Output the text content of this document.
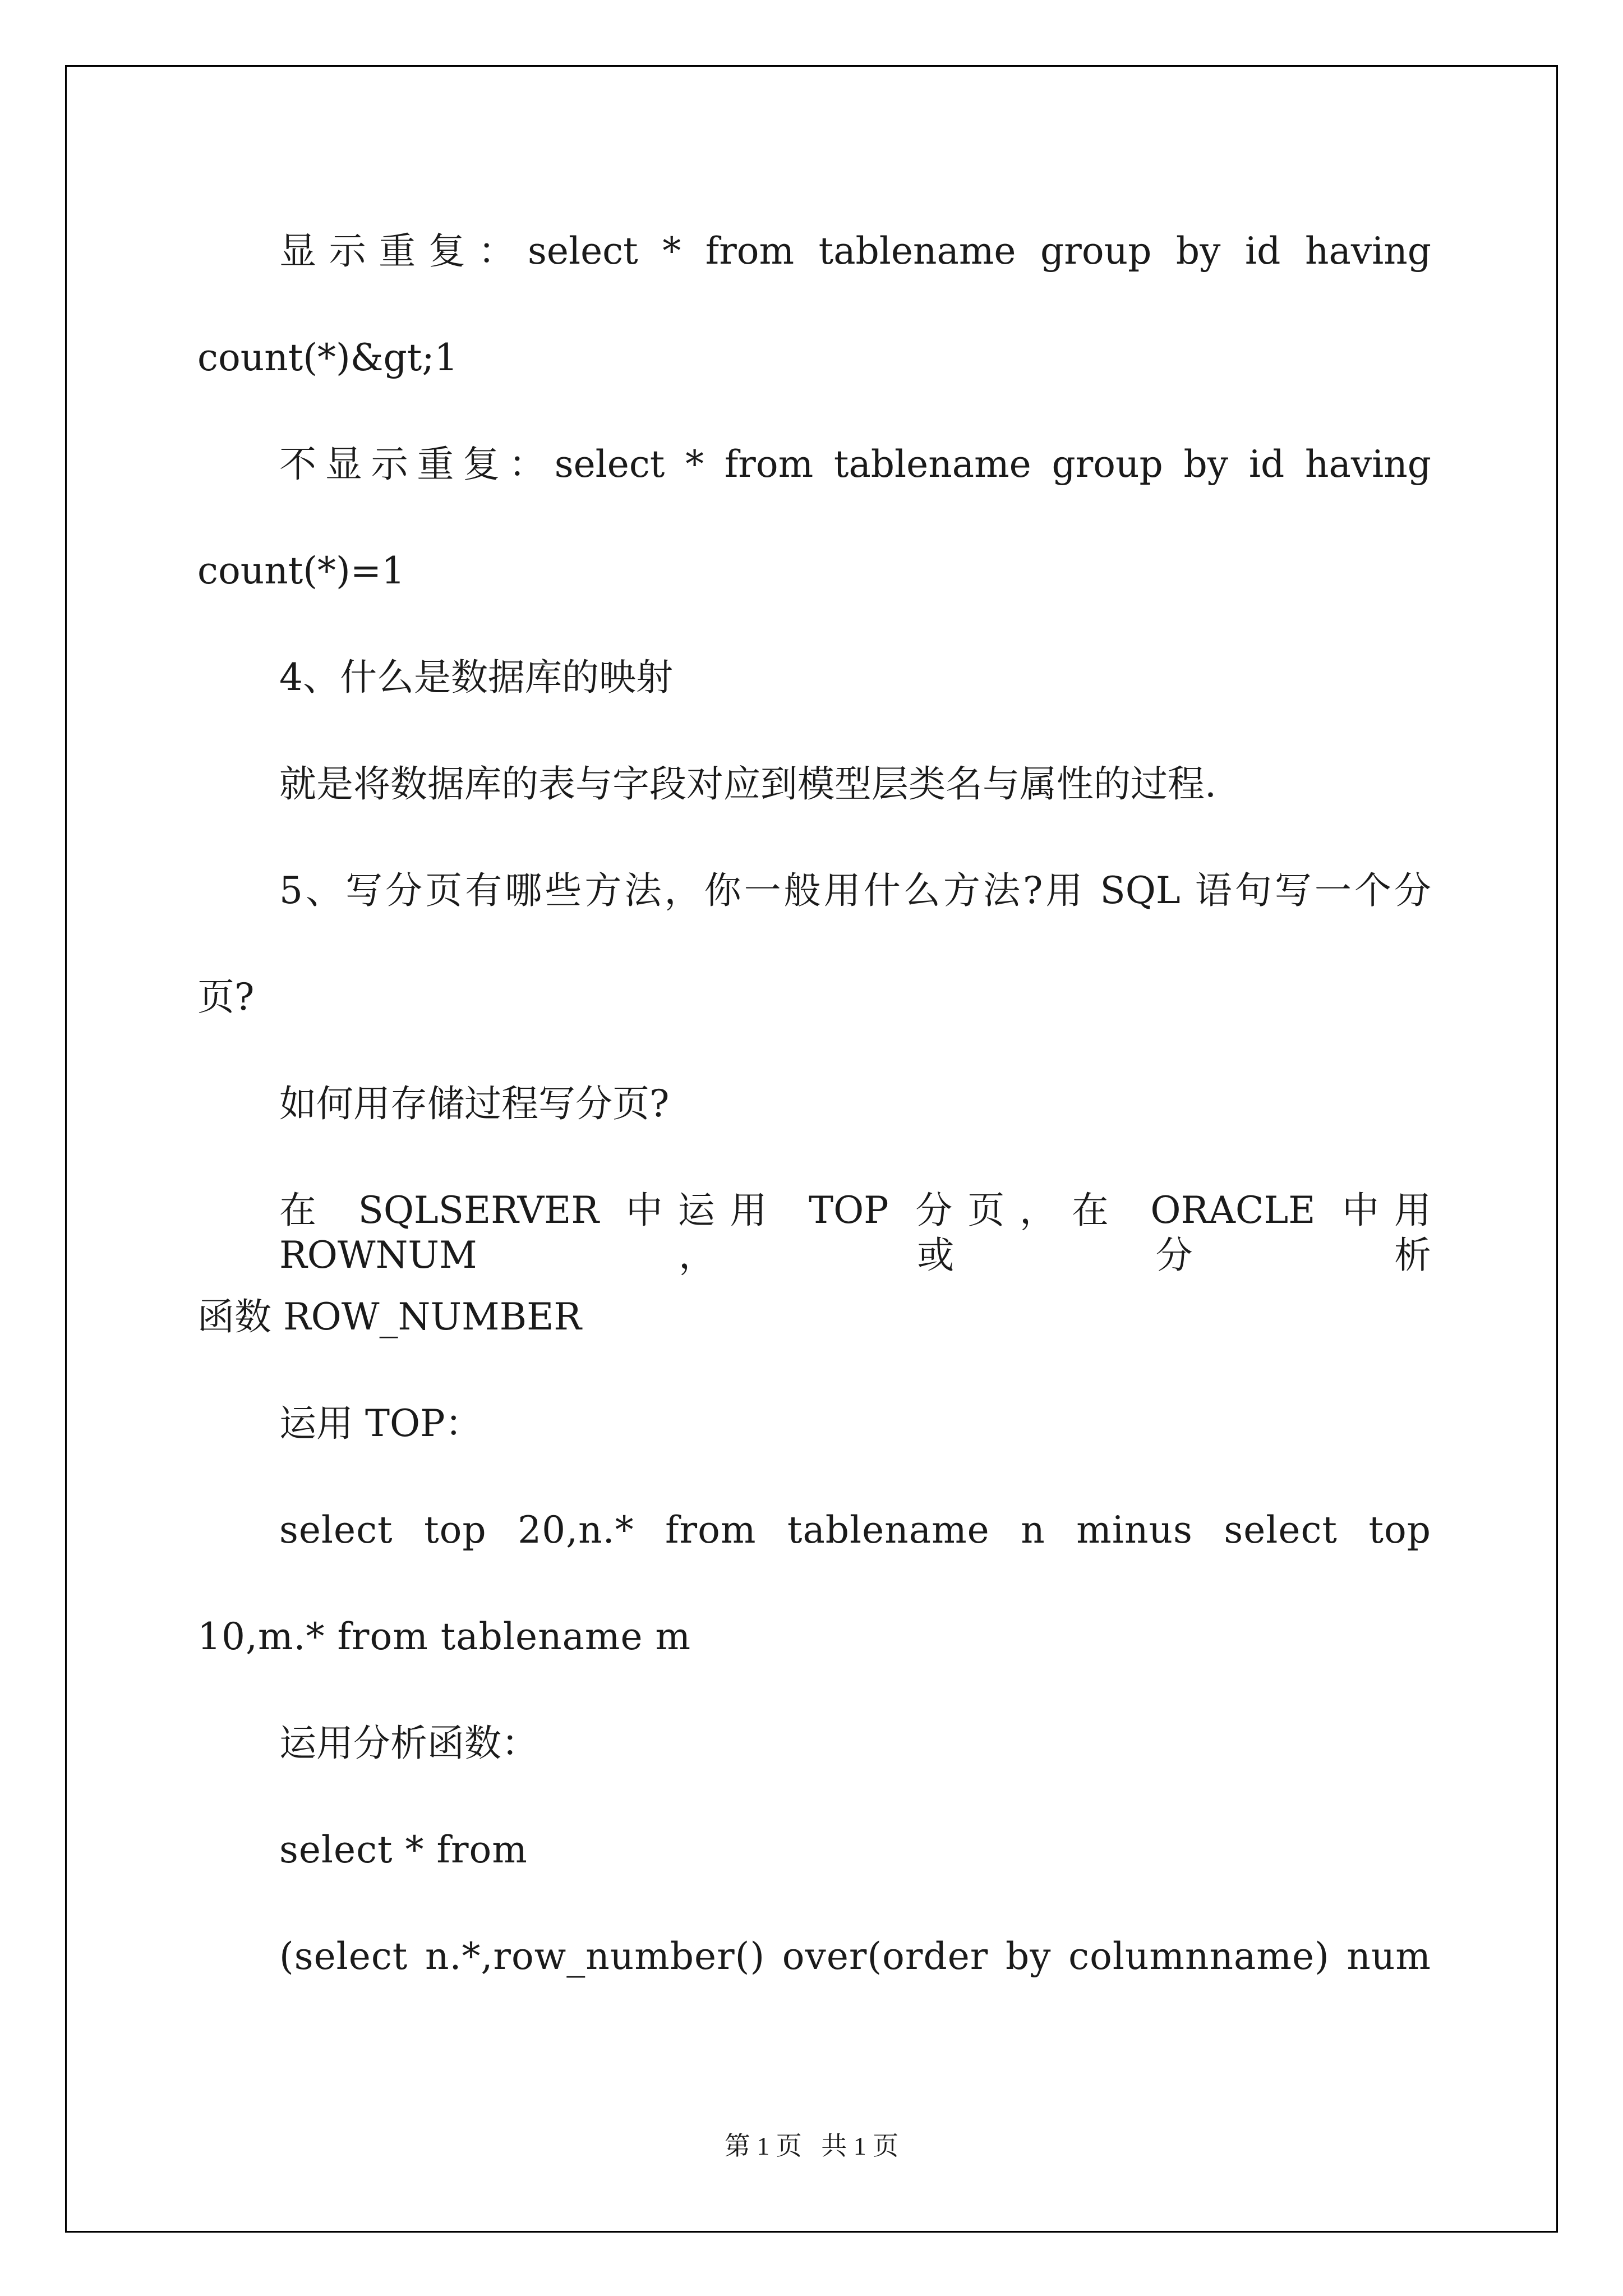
显示重复：select * from tablename group by id having
count(*)&gt;1
不显示重复：select * from tablename group by id having
count(*)=1
4、什么是数据库的映射
就是将数据库的表与字段对应到模型层类名与属性的过程.
5、写分页有哪些方法，你一般用什么方法?用 SQL 语句写一个分
页?
如何用存储过程写分页?
在 SQLSERVER 中运用 TOP 分页，在 ORACLE 中用 ROWNUM，或分析
函数 ROW_NUMBER
运用 TOP：
select top 20,n.* from tablename n minus select top
10,m.* from tablename m
运用分析函数：
select * from
(select n.*,row_number() over(order by columnname) num
第 1 页   共 1 页
